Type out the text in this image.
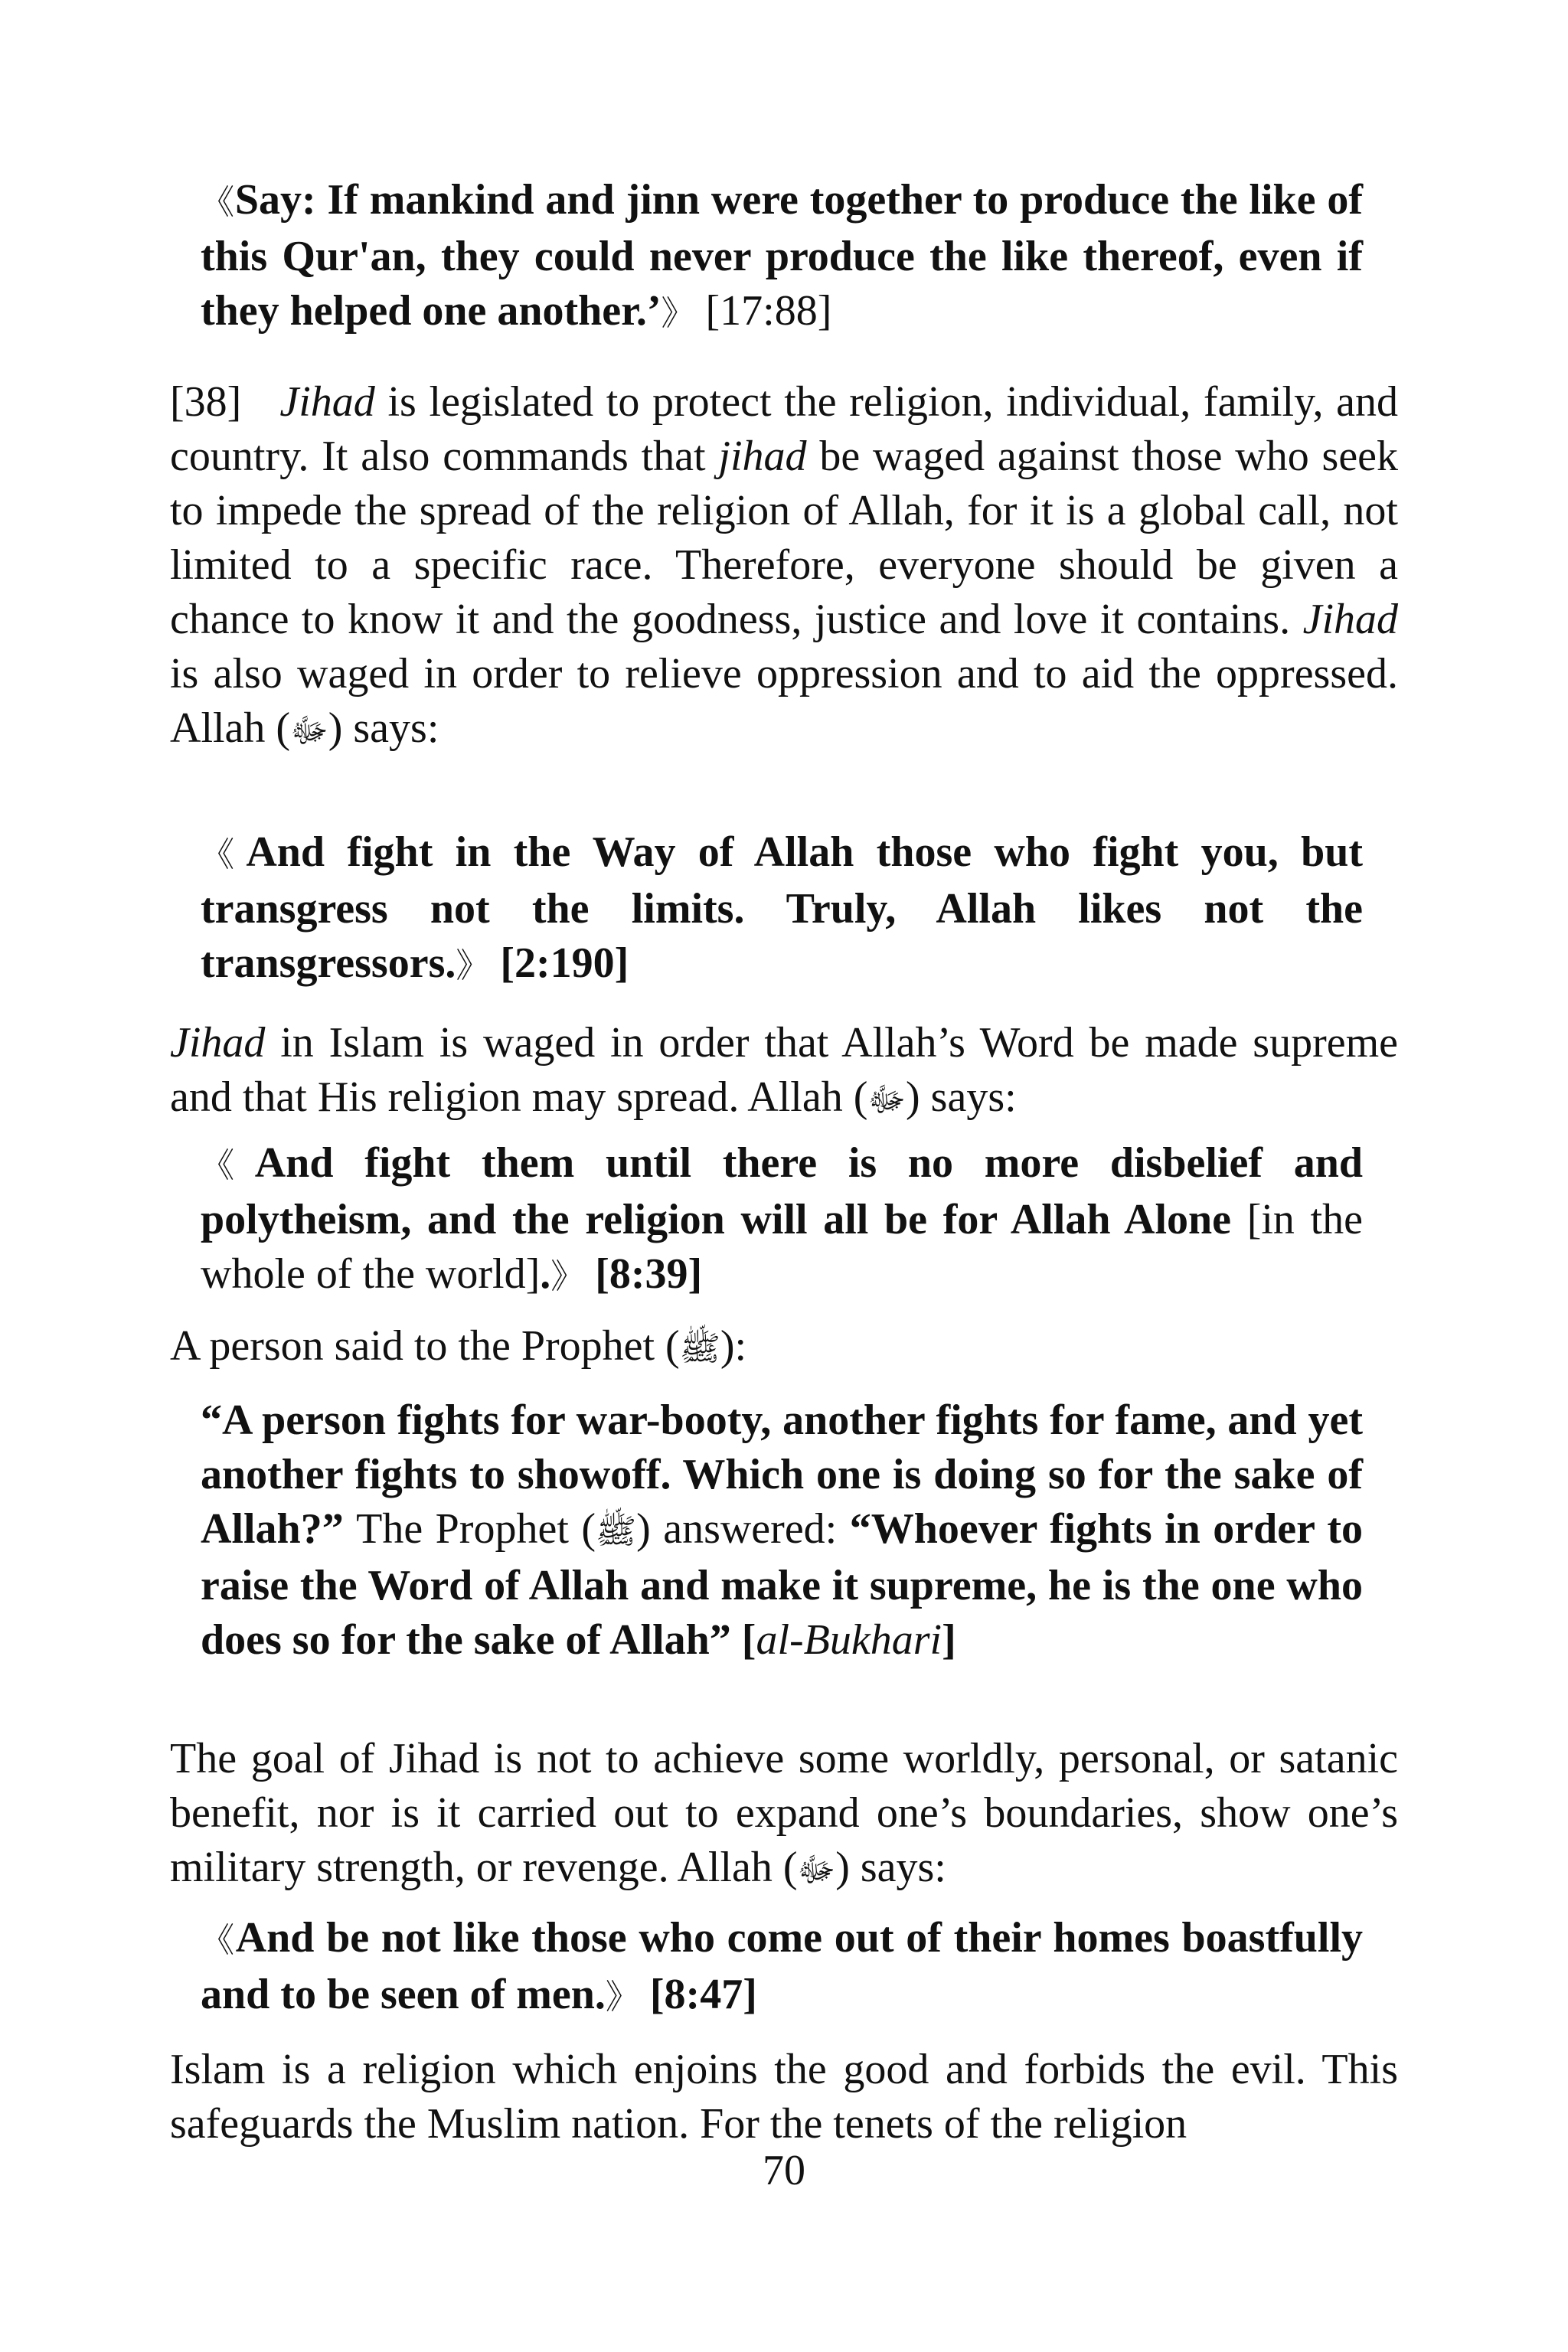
《Say: If mankind and jinn were together to produce the like of this Qur'an, they could never produce the like thereof, even if they helped one another.’》 [17:88]

[38] Jihad is legislated to protect the religion, individual, family, and country. It also commands that jihad be waged against those who seek to impede the spread of the religion of Allah, for it is a global call, not limited to a specific race. Therefore, everyone should be given a chance to know it and the goodness, justice and love it contains. Jihad is also waged in order to relieve oppression and to aid the oppressed. Allah (ﷻ) says:

《And fight in the Way of Allah those who fight you, but transgress not the limits. Truly, Allah likes not the transgressors.》 [2:190]

Jihad in Islam is waged in order that Allah’s Word be made supreme and that His religion may spread. Allah (ﷻ) says:

《And fight them until there is no more disbelief and polytheism, and the religion will all be for Allah Alone [in the whole of the world].》 [8:39]

A person said to the Prophet (ﷺ):

“A person fights for war-booty, another fights for fame, and yet another fights to showoff. Which one is doing so for the sake of Allah?” The Prophet (ﷺ) answered: “Whoever fights in order to raise the Word of Allah and make it supreme, he is the one who does so for the sake of Allah” [al-Bukhari]

The goal of Jihad is not to achieve some worldly, personal, or satanic benefit, nor is it carried out to expand one’s boundaries, show one’s military strength, or revenge. Allah (ﷻ) says:

《And be not like those who come out of their homes boastfully and to be seen of men.》 [8:47]

Islam is a religion which enjoins the good and forbids the evil. This safeguards the Muslim nation. For the tenets of the religion

70
